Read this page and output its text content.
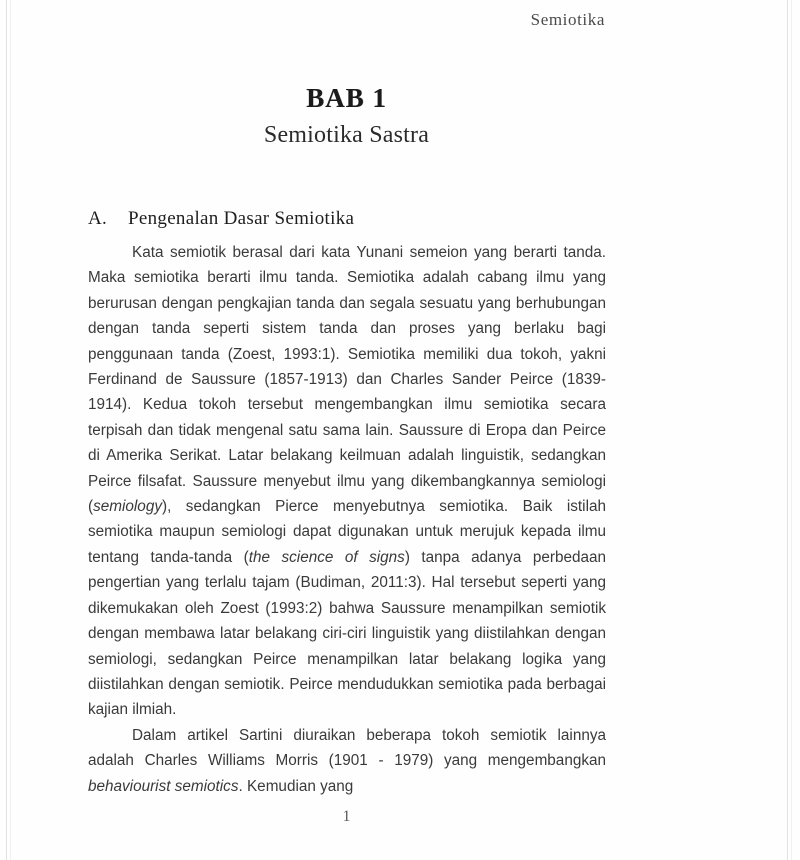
Semiotika
BAB 1
Semiotika Sastra
A. Pengenalan Dasar Semiotika

Kata semiotik berasal dari kata Yunani semeion yang berarti tanda. Maka semiotika berarti ilmu tanda. Semiotika adalah cabang ilmu yang berurusan dengan pengkajian tanda dan segala sesuatu yang berhubungan dengan tanda seperti sistem tanda dan proses yang berlaku bagi penggunaan tanda (Zoest, 1993:1). Semiotika memiliki dua tokoh, yakni Ferdinand de Saussure (1857-1913) dan Charles Sander Peirce (1839-1914). Kedua tokoh tersebut mengembangkan ilmu semiotika secara terpisah dan tidak mengenal satu sama lain. Saussure di Eropa dan Peirce di Amerika Serikat. Latar belakang keilmuan adalah linguistik, sedangkan Peirce filsafat. Saussure menyebut ilmu yang dikembangkannya semiologi (semiology), sedangkan Pierce menyebutnya semiotika. Baik istilah semiotika maupun semiologi dapat digunakan untuk merujuk kepada ilmu tentang tanda-tanda (the science of signs) tanpa adanya perbedaan pengertian yang terlalu tajam (Budiman, 2011:3). Hal tersebut seperti yang dikemukakan oleh Zoest (1993:2) bahwa Saussure menampilkan semiotik dengan membawa latar belakang ciri-ciri linguistik yang diistilahkan dengan semiologi, sedangkan Peirce menampilkan latar belakang logika yang diistilahkan dengan semiotik. Peirce mendudukkan semiotika pada berbagai kajian ilmiah.

Dalam artikel Sartini diuraikan beberapa tokoh semiotik lainnya adalah Charles Williams Morris (1901 - 1979) yang mengembangkan behaviourist semiotics. Kemudian yang

1
